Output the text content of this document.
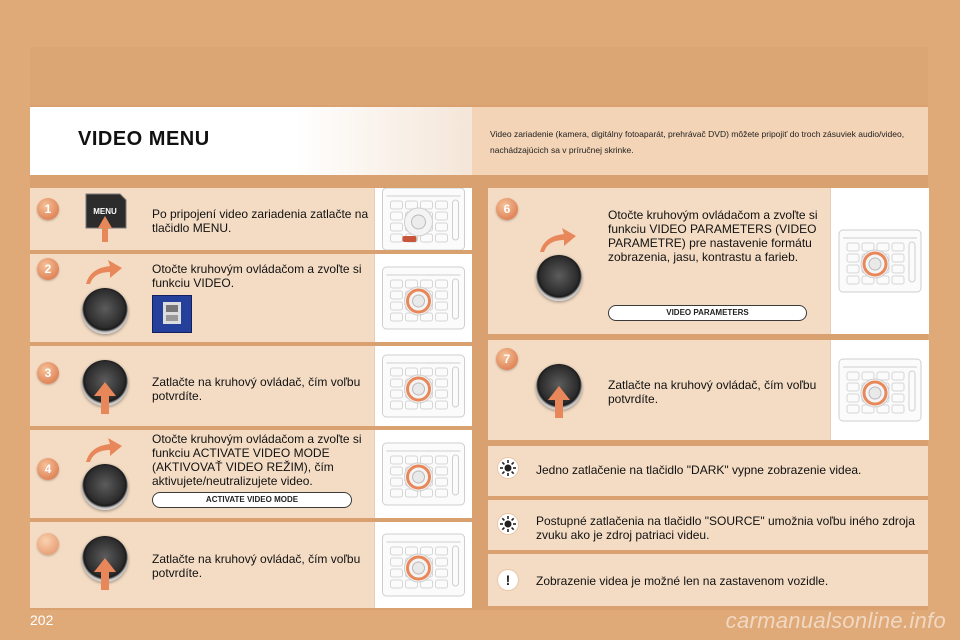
VIDEO MENU	Video zariadenie (kamera, digitálny fotoaparát, prehrávač DVD) môžete pripojiť do troch zásuviek audio/video, nachádzajúcich sa v príručnej skrinke.
1	MENU	Po pripojení video zariadenia zatlačte na tlačidlo MENU.
2	Otočte kruhovým ovládačom a zvoľte si funkciu VIDEO.
3
Zatlačte na kruhový ovládač, čím voľbu potvrdíte.
4
Otočte kruhovým ovládačom a zvoľte si funkciu ACTIVATE VIDEO MODE (AKTIVOVAŤ VIDEO REŽIM), čím aktivujete/neutralizujete video.
ACTIVATE VIDEO MODE
Zatlačte na kruhový ovládač, čím voľbu potvrdíte.
6	Otočte kruhovým ovládačom a zvoľte si funkciu VIDEO PARAMETERS (VIDEO PARAMETRE) pre nastavenie formátu zobrazenia, jasu, kontrastu a farieb.
VIDEO PARAMETERS
7
Zatlačte na kruhový ovládač, čím voľbu potvrdíte.
Jedno zatlačenie na tlačidlo "DARK" vypne zobrazenie videa.
Postupné zatlačenia na tlačidlo "SOURCE" umožnia voľbu iného zdroja zvuku ako je zdroj patriaci videu.
!	Zobrazenie videa je možné len na zastavenom vozidle.
202	carmanualsonline.info
